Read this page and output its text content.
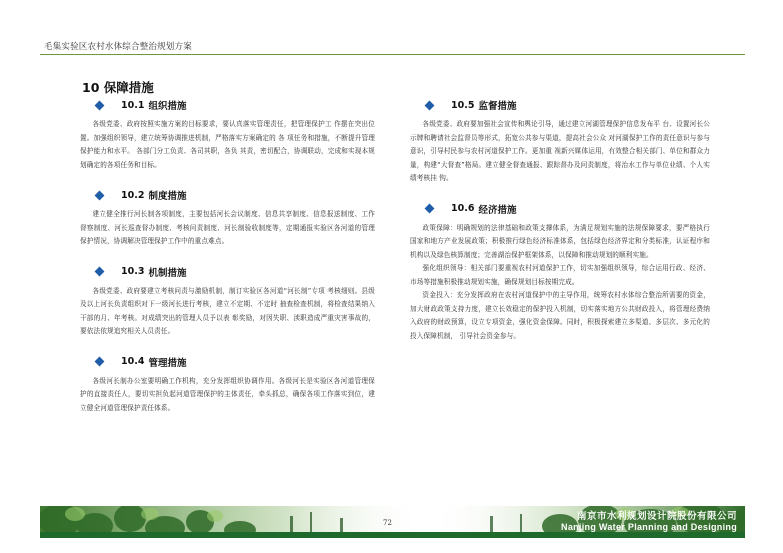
毛集实验区农村水体综合整治规划方案
10 保障措施
10.1 组织措施

各级党委、政府按照实施方案的目标要求，要认真落实管理责任，把管理保护工 作摆在突出位置。加强组织领导，建立统筹协调推进机制，严格落实方案确定的 各 项任务和措施，不断提升管理保护能力和水平。 各部门分工负责、各司其职，各负 其责，密切配合，协调联动，完成和实现本规划确定的各项任务和目标。

10.2 制度措施

建立健全推行河长制各项制度，主要包括河长会议制度、信息共享制度、信息报送制度、工作督察制度、河长巡查督办制度、考核问责制度、河长制验收制度等，定期通报实验区各河道的管理保护情况，协调解决管理保护工作中的重点难点。

10.3 机制措施

各级党委、政府要建立考核问责与激励机制，制订实验区各河道“河长制”专项 考核细则。县级及以上河长负责组织对下一级河长进行考核，建立不定期、不定时 抽查检查机制，将检查结果纳入干部的月、年考核。对成绩突出的管理人员予以表 彰奖励，对因失职、渎职造成严重灾害事故的，要依法依规追究相关人员责任。

10.4 管理措施

各级河长制办公室要明确工作机构，充分发挥组织协调作用。各级河长是实验区各河道管理保护的直接责任人，要切实担负起河道管理保护的主体责任，牵头抓总，确保各项工作落实到位，建立健全河道管理保护责任体系。

10.5 监督措施

各级党委、政府要加强社会宣传和舆论引导，通过建立河湖管理保护信息发布平 台、设置河长公示牌和聘请社会监督员等形式，拓宽公共参与渠道，提高社会公众 对河湖保护工作的责任意识与参与意识，引导村民参与农村河道保护工作。更加重 视新兴媒体运用，有效整合相关部门、单位和群众力量，构建“大督查”格局。建立健全督查通报、跟踪督办及问责制度，将治水工作与单位业绩、个人实绩考核挂 钩。

10.6 经济措施

政策保障：明确规划的法律基础和政策支撑体系，为满足规划实施的法规保障要求，要严格执行国家和地方产业发展政策；积极推行绿色经济标准体系，包括绿色经济界定和分类标准，认证程序和机构以及绿色核算制度；完善湖治保护框架体系，以保障和推动规划的顺利实施。

强化组织领导：相关部门要重视农村河道保护工作，切实加强组织领导，综合运用行政、经济、市场等措施积极推动规划实施，确保规划目标按期完成。

资金投入：充分发挥政府在农村河道保护中的主导作用，统筹农村水体综合整治所需要的资金，加大财政政策支持力度，建立长效稳定的保护投入机制，切实落实地方公共财政投入，将管理经费纳入政府的财政预算，设立专项资金，强化资金保障。同时，积极探索建立多渠道、多层次、多元化的投入保障机制， 引导社会资金参与。

72
南京市水利规划设计院股份有限公司
Nanjing Water Planning and Designing
